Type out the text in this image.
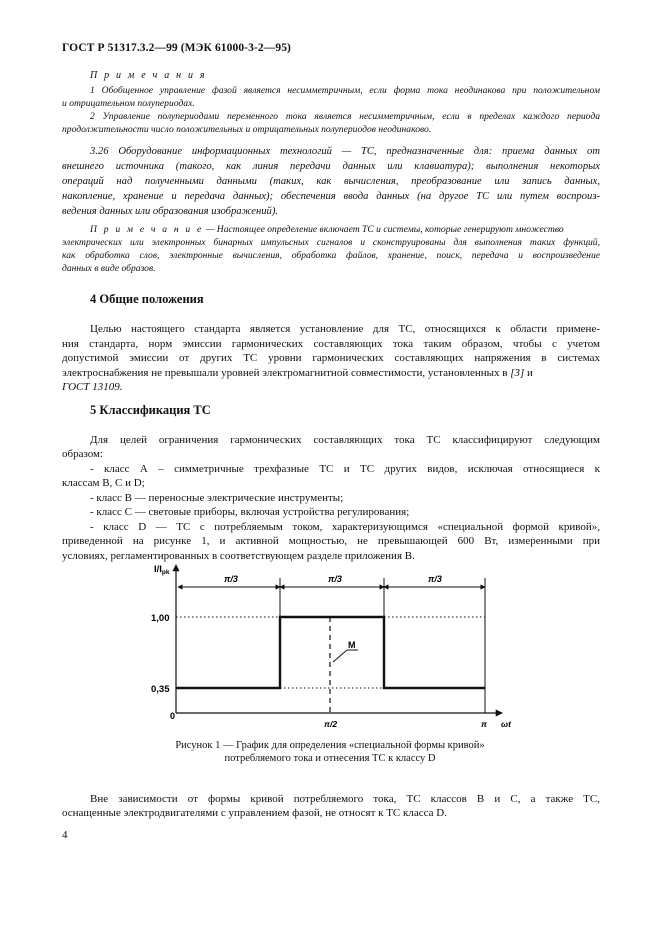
ГОСТ Р 51317.3.2—99 (МЭК 61000-3-2—95)
П р и м е ч а н и я
1 Обобщенное управление фазой является несимметричным, если форма тока неодинакова при положительном
и отрицательном полупериодах.
2 Управление полупериодами переменного тока является несимметричным, если в пределах каждого периода
продолжительности число положительных и отрицательных полупериодов неодинаково.
3.26 Оборудование информационных технологий — ТС, предназначенные для: приема данных от
внешнего источника (такого, как линия передачи данных или клавиатура); выполнения некоторых
операций над полученными данными (таких, как вычисления, преобразование или запись данных,
накопление, хранение и передача данных); обеспечения ввода данных (на другое ТС или путем воспроиз-
ведения данных или образования изображений).
П р и м е ч а н и е — Настоящее определение включает ТС и системы, которые генерируют множество
электрических или электронных бинарных импульсных сигналов и сконструированы для выполнения таких функций,
как обработка слов, электронные вычисления, обработка файлов, хранение, поиск, передача и воспроизведение
данных в виде образов.
4 Общие положения
Целью настоящего стандарта является установление для ТС, относящихся к области примене-
ния стандарта, норм эмиссии гармонических составляющих тока таким образом, чтобы с учетом
допустимой эмиссии от других ТС уровни гармонических составляющих напряжения в системах
электроснабжения не превышали уровней электромагнитной совместимости, установленных в [3] и
ГОСТ 13109.
5 Классификация ТС
Для целей ограничения гармонических составляющих тока ТС классифицируют следующим
образом:
- класс А – симметричные трехфазные ТС и ТС других видов, исключая относящиеся к
классам В, С и D;
- класс В — переносные электрические инструменты;
- класс С — световые приборы, включая устройства регулирования;
- класс D — ТС с потребляемым током, характеризующимся «специальной формой кривой»,
приведенной на рисунке 1, и активной мощностью, не превышающей 600 Вт, измеренными при
условиях, регламентированных в соответствующем разделе приложения В.
$I/I_{pk}$
1,00
0,35
0
π/3	π/3	π/3
π/2	π ωt
M
Рисунок 1 — График для определения «специальной формы кривой»
потребляемого тока и отнесения ТС к классу D
Вне зависимости от формы кривой потребляемого тока, ТС классов В и С, а также ТС,
оснащенные электродвигателями с управлением фазой, не относят к ТС класса D.
4
